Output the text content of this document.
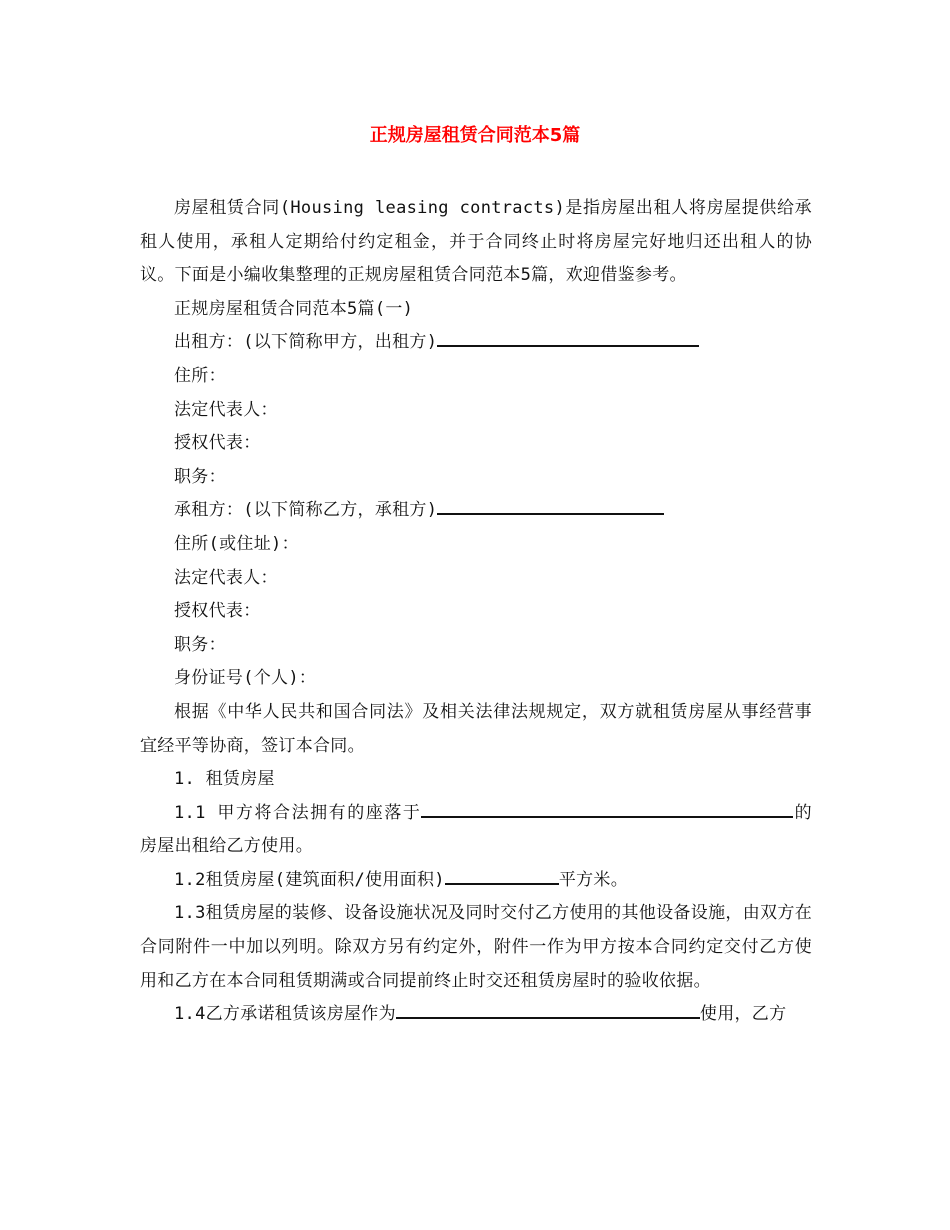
正规房屋租赁合同范本5篇

房屋租赁合同(Housing leasing contracts)是指房屋出租人将房屋提供给承租人使用，承租人定期给付约定租金，并于合同终止时将房屋完好地归还出租人的协议。下面是小编收集整理的正规房屋租赁合同范本5篇，欢迎借鉴参考。

正规房屋租赁合同范本5篇(一)

出租方：(以下简称甲方，出租方)

住所：

法定代表人：

授权代表：

职务：

承租方：(以下简称乙方，承租方)

住所(或住址)：

法定代表人：

授权代表：

职务：

身份证号(个人)：

根据《中华人民共和国合同法》及相关法律法规规定，双方就租赁房屋从事经营事宜经平等协商，签订本合同。

1. 租赁房屋

1.1 甲方将合法拥有的座落于	的房屋出租给乙方使用。

1.2租赁房屋(建筑面积/使用面积)	平方米。

1.3租赁房屋的装修、设备设施状况及同时交付乙方使用的其他设备设施，由双方在合同附件一中加以列明。除双方另有约定外，附件一作为甲方按本合同约定交付乙方使用和乙方在本合同租赁期满或合同提前终止时交还租赁房屋时的验收依据。

1.4乙方承诺租赁该房屋作为	使用，乙方
